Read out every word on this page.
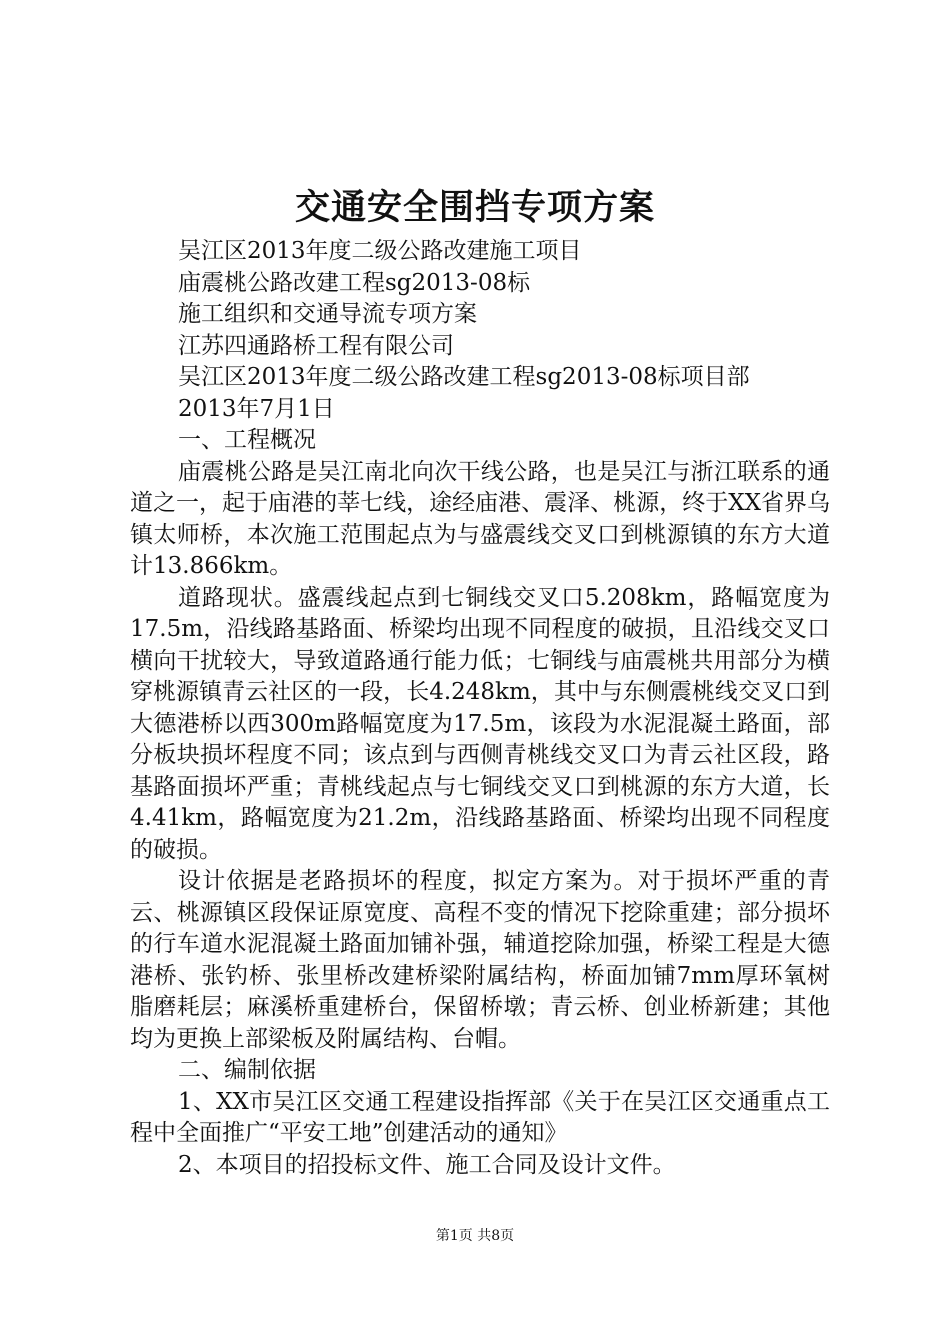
交通安全围挡专项方案

吴江区2013年度二级公路改建施工项目

庙震桃公路改建工程sg2013-08标

施工组织和交通导流专项方案

江苏四通路桥工程有限公司

吴江区2013年度二级公路改建工程sg2013-08标项目部

2013年7月1日

一、工程概况

庙震桃公路是吴江南北向次干线公路，也是吴江与浙江联系的通道之一，起于庙港的莘七线，途经庙港、震泽、桃源，终于XX省界乌镇太师桥，本次施工范围起点为与盛震线交叉口到桃源镇的东方大道计13.866km。

道路现状。盛震线起点到七铜线交叉口5.208km，路幅宽度为17.5m，沿线路基路面、桥梁均出现不同程度的破损，且沿线交叉口横向干扰较大，导致道路通行能力低；七铜线与庙震桃共用部分为横穿桃源镇青云社区的一段，长4.248km，其中与东侧震桃线交叉口到大德港桥以西300m路幅宽度为17.5m，该段为水泥混凝土路面，部分板块损坏程度不同；该点到与西侧青桃线交叉口为青云社区段，路基路面损坏严重；青桃线起点与七铜线交叉口到桃源的东方大道，长4.41km，路幅宽度为21.2m，沿线路基路面、桥梁均出现不同程度的破损。

设计依据是老路损坏的程度，拟定方案为。对于损坏严重的青云、桃源镇区段保证原宽度、高程不变的情况下挖除重建；部分损坏的行车道水泥混凝土路面加铺补强，辅道挖除加强，桥梁工程是大德港桥、张钓桥、张里桥改建桥梁附属结构，桥面加铺7mm厚环氧树脂磨耗层；麻溪桥重建桥台，保留桥墩；青云桥、创业桥新建；其他均为更换上部梁板及附属结构、台帽。

二、编制依据

1、XX市吴江区交通工程建设指挥部《关于在吴江区交通重点工程中全面推广“平安工地”创建活动的通知》

2、本项目的招投标文件、施工合同及设计文件。

第1页 共8页
